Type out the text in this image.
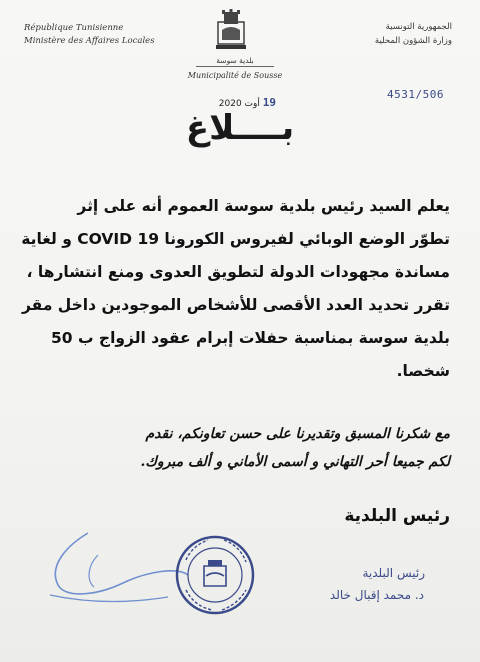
République Tunisienne
Ministère des Affaires Locales
الجمهورية التونسية
وزارة الشؤون المحلية
بلدية سوسة
Municipalité de Sousse
4531/506
19 أوت 2020
بــــلاغ
يعلم السيد رئيس بلدية سوسة العموم أنه على إثر
تطوّر الوضع الوبائي لفيروس الكورونا COVID 19 و لغاية
مساندة مجهودات الدولة لتطويق العدوى ومنع انتشارها ،
تقرر تحديد العدد الأقصى للأشخاص الموجودين داخل مقر
بلدية سوسة بمناسبة حفلات إبرام عقود الزواج ب 50
شخصا.
مع شكرنا المسبق وتقديرنا على حسن تعاونكم، نقدم
لكم جميعا أحر التهاني و أسمى الأماني و ألف مبروك.
رئيس البلدية
رئيس البلدية
د. محمد إقبال خالد
